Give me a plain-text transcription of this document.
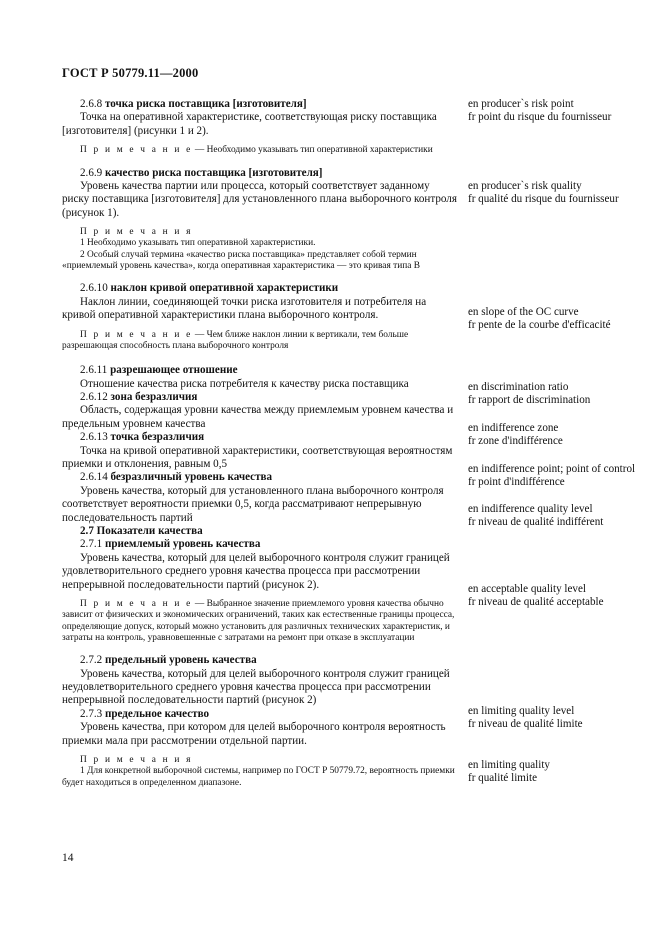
ГОСТ Р 50779.11—2000

2.6.8 точка риска поставщика [изготовителя]

Точка на оперативной характеристике, соответствующая риску поставщика [изготовителя] (рисунки 1 и 2).

П р и м е ч а н и е — Необходимо указывать тип оперативной характеристики

2.6.9 качество риска поставщика [изготовителя]

Уровень качества партии или процесса, который соответствует заданному риску поставщика [изготовителя] для установленного плана выборочного контроля (рисунок 1).

П р и м е ч а н и я

1 Необходимо указывать тип оперативной характеристики.

2 Особый случай термина «качество риска поставщика» представляет собой термин «приемлемый уровень качества», когда оперативная характеристика — это кривая типа В

2.6.10 наклон кривой оперативной характеристики

Наклон линии, соединяющей точки риска изготовителя и потребителя на кривой оперативной характеристики плана выборочного контроля.

П р и м е ч а н и е — Чем ближе наклон линии к вертикали, тем больше разрешающая способность плана выборочного контроля

2.6.11 разрешающее отношение

Отношение качества риска потребителя к качеству риска поставщика

2.6.12 зона безразличия

Область, содержащая уровни качества между приемлемым уровнем качества и предельным уровнем качества

2.6.13 точка безразличия

Точка на кривой оперативной характеристики, соответствующая вероятностям приемки и отклонения, равным 0,5

2.6.14 безразличный уровень качества

Уровень качества, который для установленного плана выборочного контроля соответствует вероятности приемки 0,5, когда рассматривают непрерывную последовательность партий

2.7 Показатели качества

2.7.1 приемлемый уровень качества

Уровень качества, который для целей выборочного контроля служит границей удовлетворительного среднего уровня качества процесса при рассмотрении непрерывной последовательности партий (рисунок 2).

П р и м е ч а н и е — Выбранное значение приемлемого уровня качества обычно зависит от физических и экономических ограничений, таких как естественные границы процесса, определяющие допуск, который можно установить для различных технических характеристик, и затраты на контроль, уравновешенные с затратами на ремонт при отказе в эксплуатации

2.7.2 предельный уровень качества

Уровень качества, который для целей выборочного контроля служит границей неудовлетворительного среднего уровня качества процесса при рассмотрении непрерывной последовательности партий (рисунок 2)

2.7.3 предельное качество

Уровень качества, при котором для целей выборочного контроля вероятность приемки мала при рассмотрении отдельной партии.

П р и м е ч а н и я

1 Для конкретной выборочной системы, например по ГОСТ Р 50779.72, вероятность приемки будет находиться в определенном диапазоне.

en producer`s risk point
fr point du risque du fournisseur
en producer`s risk quality
fr qualité du risque du fournisseur
en slope of the OC curve
fr pente de la courbe d'efficacité
en discrimination ratio
fr rapport de discrimination
en indifference zone
fr zone d'indifférence
en indifference point; point of control
fr point d'indifférence
en indifference quality level
fr niveau de qualité indifférent
en acceptable quality level
fr niveau de qualité acceptable
en limiting quality level
fr niveau de qualité limite
en limiting quality
fr qualité limite
14
